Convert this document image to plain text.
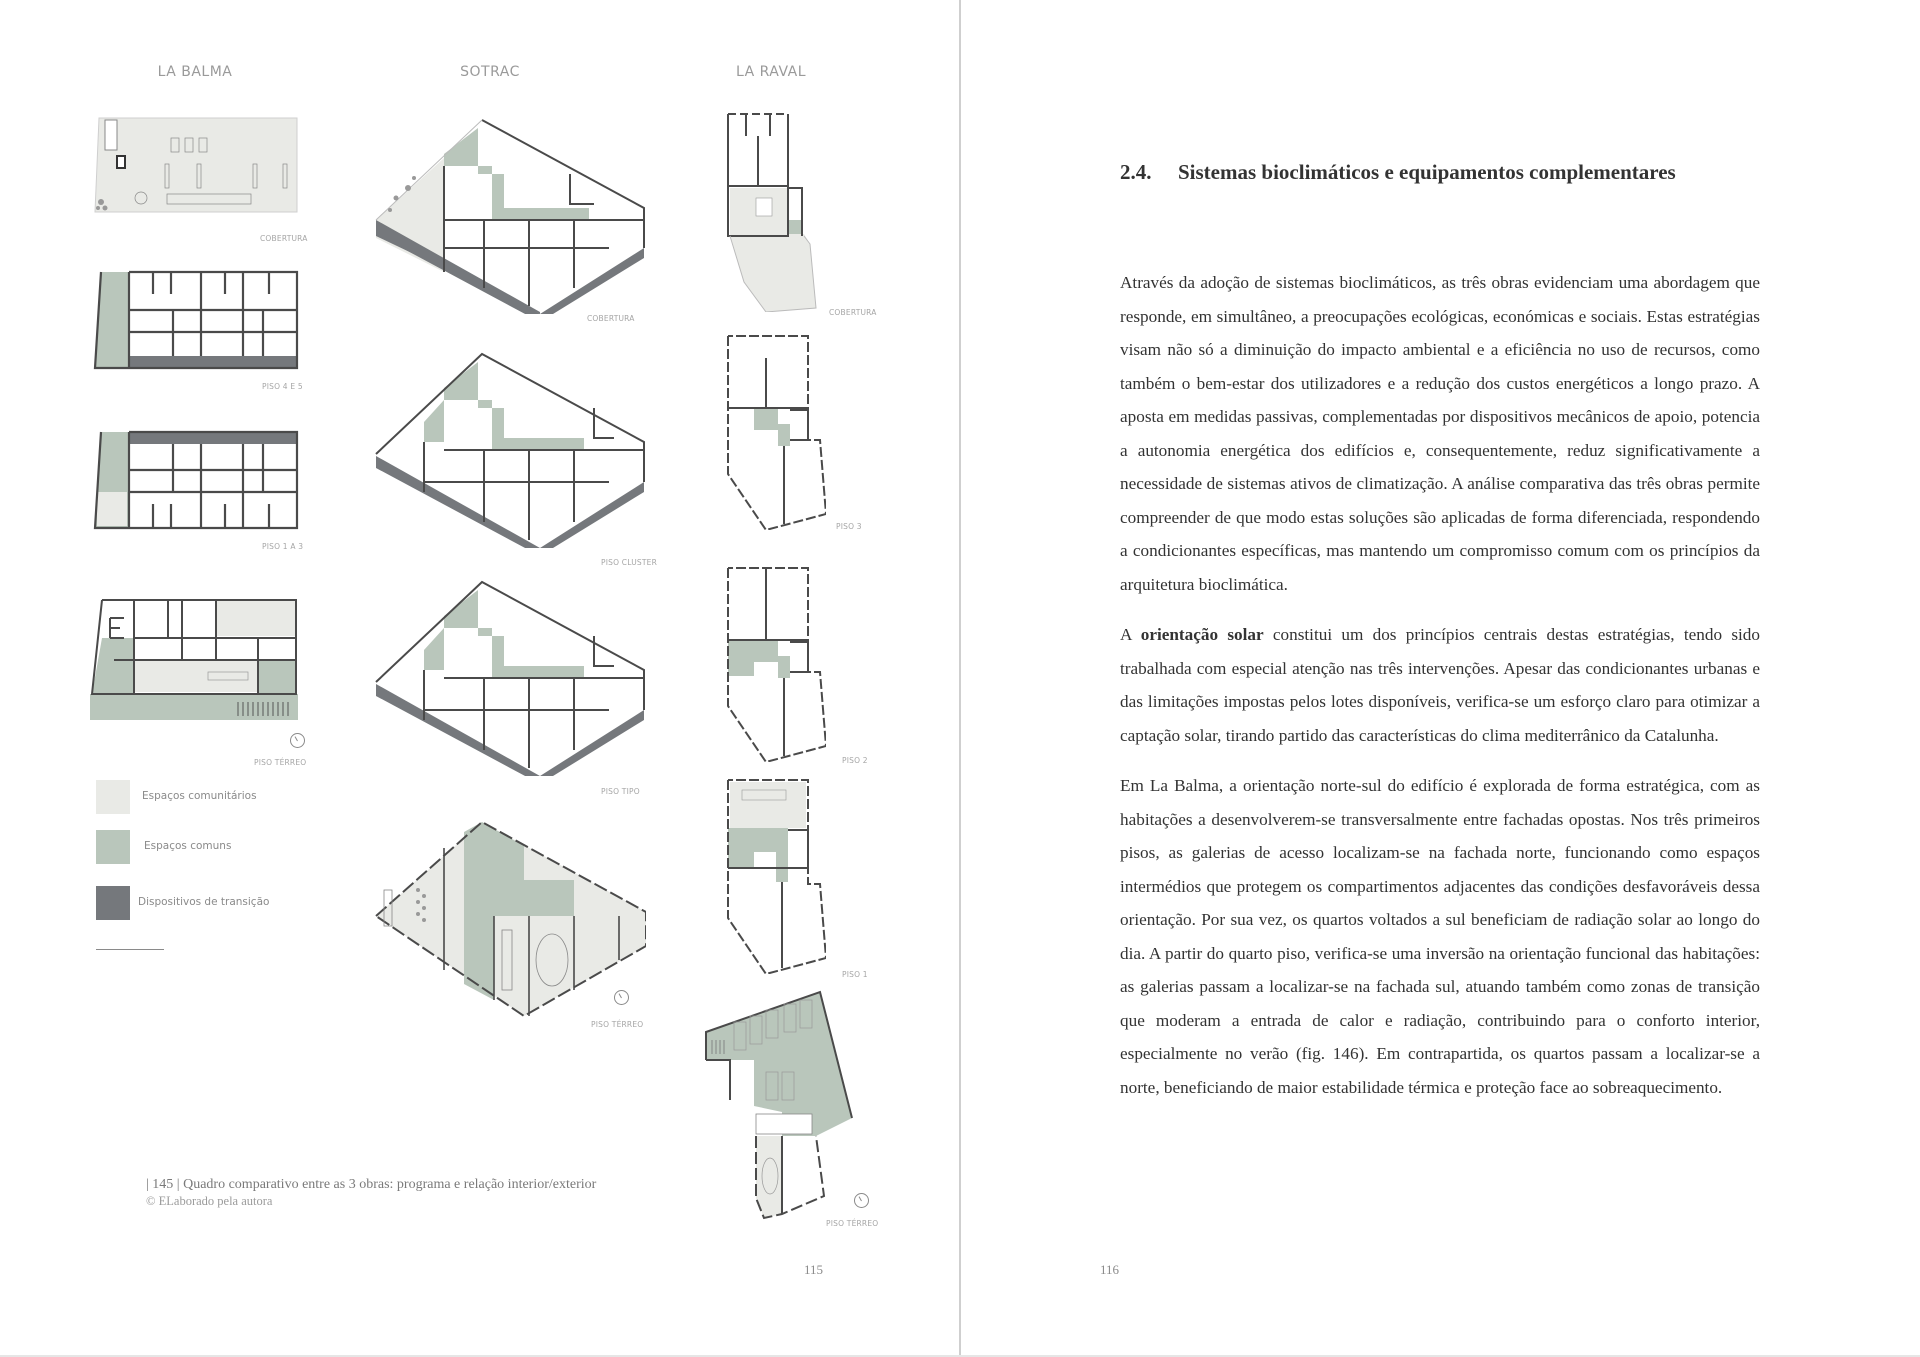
LA BALMA	SOTRAC	LA RAVAL
COBERTURA
PISO 4 E 5
PISO 1 A 3
PISO TÉRREO
Espaços comunitários
Espaços comuns
Dispositivos de transição
COBERTURA
PISO CLUSTER
PISO TIPO
PISO TÉRREO
COBERTURA
PISO 3
PISO 2
PISO 1
PISO TÉRREO
| 145 | Quadro comparativo entre as 3 obras: programa e relação interior/exterior
© ELaborado pela autora
115
2.4. Sistemas bioclimáticos e equipamentos complementares

Através da adoção de sistemas bioclimáticos, as três obras evidenciam uma abordagem que responde, em simultâneo, a preocupações ecológicas, económicas e sociais. Estas estratégias visam não só a diminuição do impacto ambiental e a eficiência no uso de recursos, como também o bem-estar dos utilizadores e a redução dos custos energéticos a longo prazo. A aposta em medidas passivas, complementadas por dispositivos mecânicos de apoio, potencia a autonomia energética dos edifícios e, consequentemente, reduz significativamente a necessidade de sistemas ativos de climatização. A análise comparativa das três obras permite compreender de que modo estas soluções são aplicadas de forma diferenciada, respondendo a condicionantes específicas, mas mantendo um compromisso comum com os princípios da arquitetura bioclimática.

A orientação solar constitui um dos princípios centrais destas estratégias, tendo sido trabalhada com especial atenção nas três intervenções. Apesar das condicionantes urbanas e das limitações impostas pelos lotes disponíveis, verifica-se um esforço claro para otimizar a captação solar, tirando partido das características do clima mediterrânico da Catalunha.

Em La Balma, a orientação norte-sul do edifício é explorada de forma estratégica, com as habitações a desenvolverem-se transversalmente entre fachadas opostas. Nos três primeiros pisos, as galerias de acesso localizam-se na fachada norte, funcionando como espaços intermédios que protegem os compartimentos adjacentes das condições desfavoráveis dessa orientação. Por sua vez, os quartos voltados a sul beneficiam de radiação solar ao longo do dia. A partir do quarto piso, verifica-se uma inversão na orientação funcional das habitações: as galerias passam a localizar-se na fachada sul, atuando também como zonas de transição que moderam a entrada de calor e radiação, contribuindo para o conforto interior, especialmente no verão (fig. 146). Em contrapartida, os quartos passam a localizar-se a norte, beneficiando de maior estabilidade térmica e proteção face ao sobreaquecimento.

116
